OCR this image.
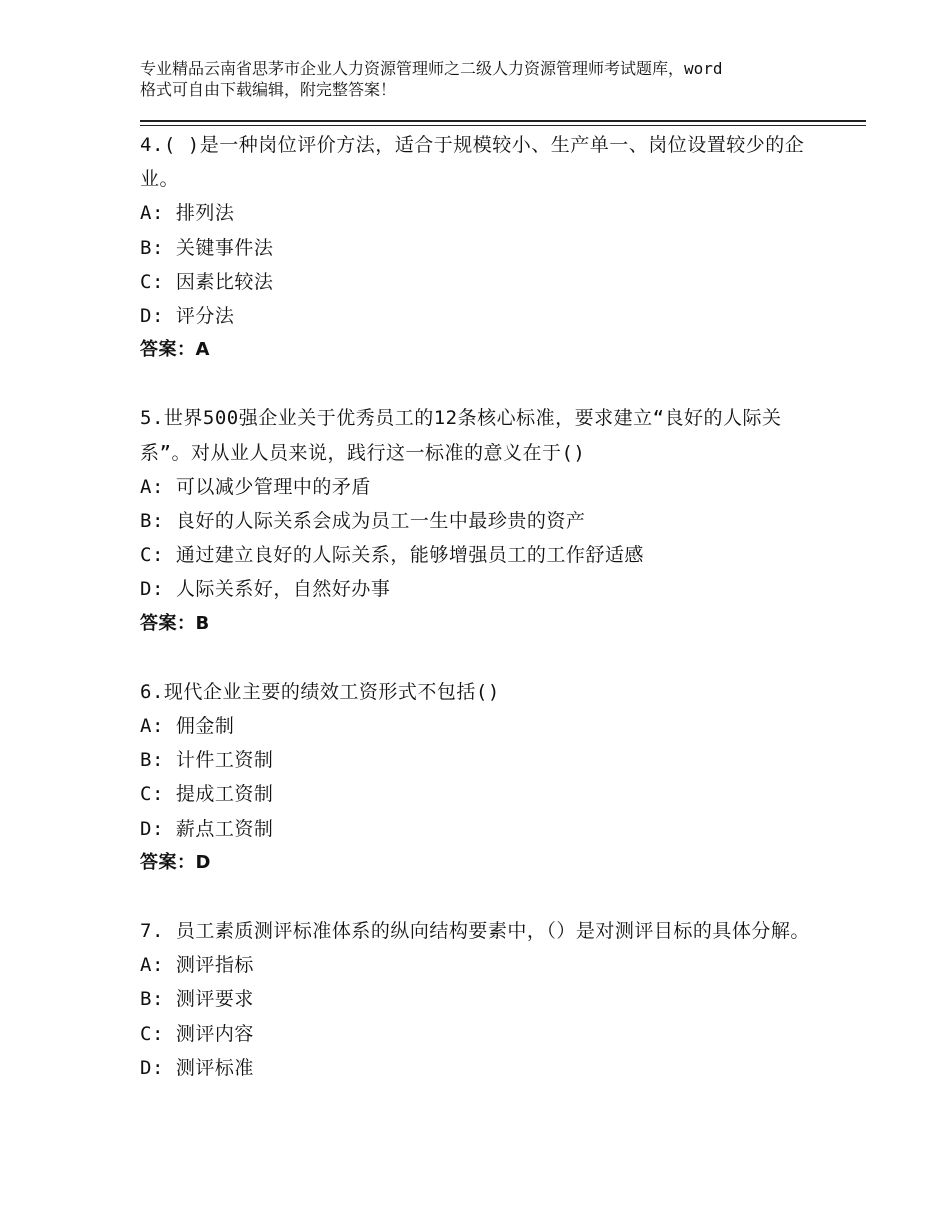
专业精品云南省思茅市企业人力资源管理师之二级人力资源管理师考试题库，word
格式可自由下载编辑，附完整答案！
4.( )是一种岗位评价方法，适合于规模较小、生产单一、岗位设置较少的企业。
A: 排列法
B: 关键事件法
C: 因素比较法
D: 评分法
答案：A
5.世界500强企业关于优秀员工的12条核心标准，要求建立“良好的人际关系”。对从业人员来说，践行这一标准的意义在于()
A: 可以减少管理中的矛盾
B: 良好的人际关系会成为员工一生中最珍贵的资产
C: 通过建立良好的人际关系，能够增强员工的工作舒适感
D: 人际关系好，自然好办事
答案：B
6.现代企业主要的绩效工资形式不包括()
A: 佣金制
B: 计件工资制
C: 提成工资制
D: 薪点工资制
答案：D
7. 员工素质测评标准体系的纵向结构要素中，（）是对测评目标的具体分解。
A: 测评指标
B: 测评要求
C: 测评内容
D: 测评标准
